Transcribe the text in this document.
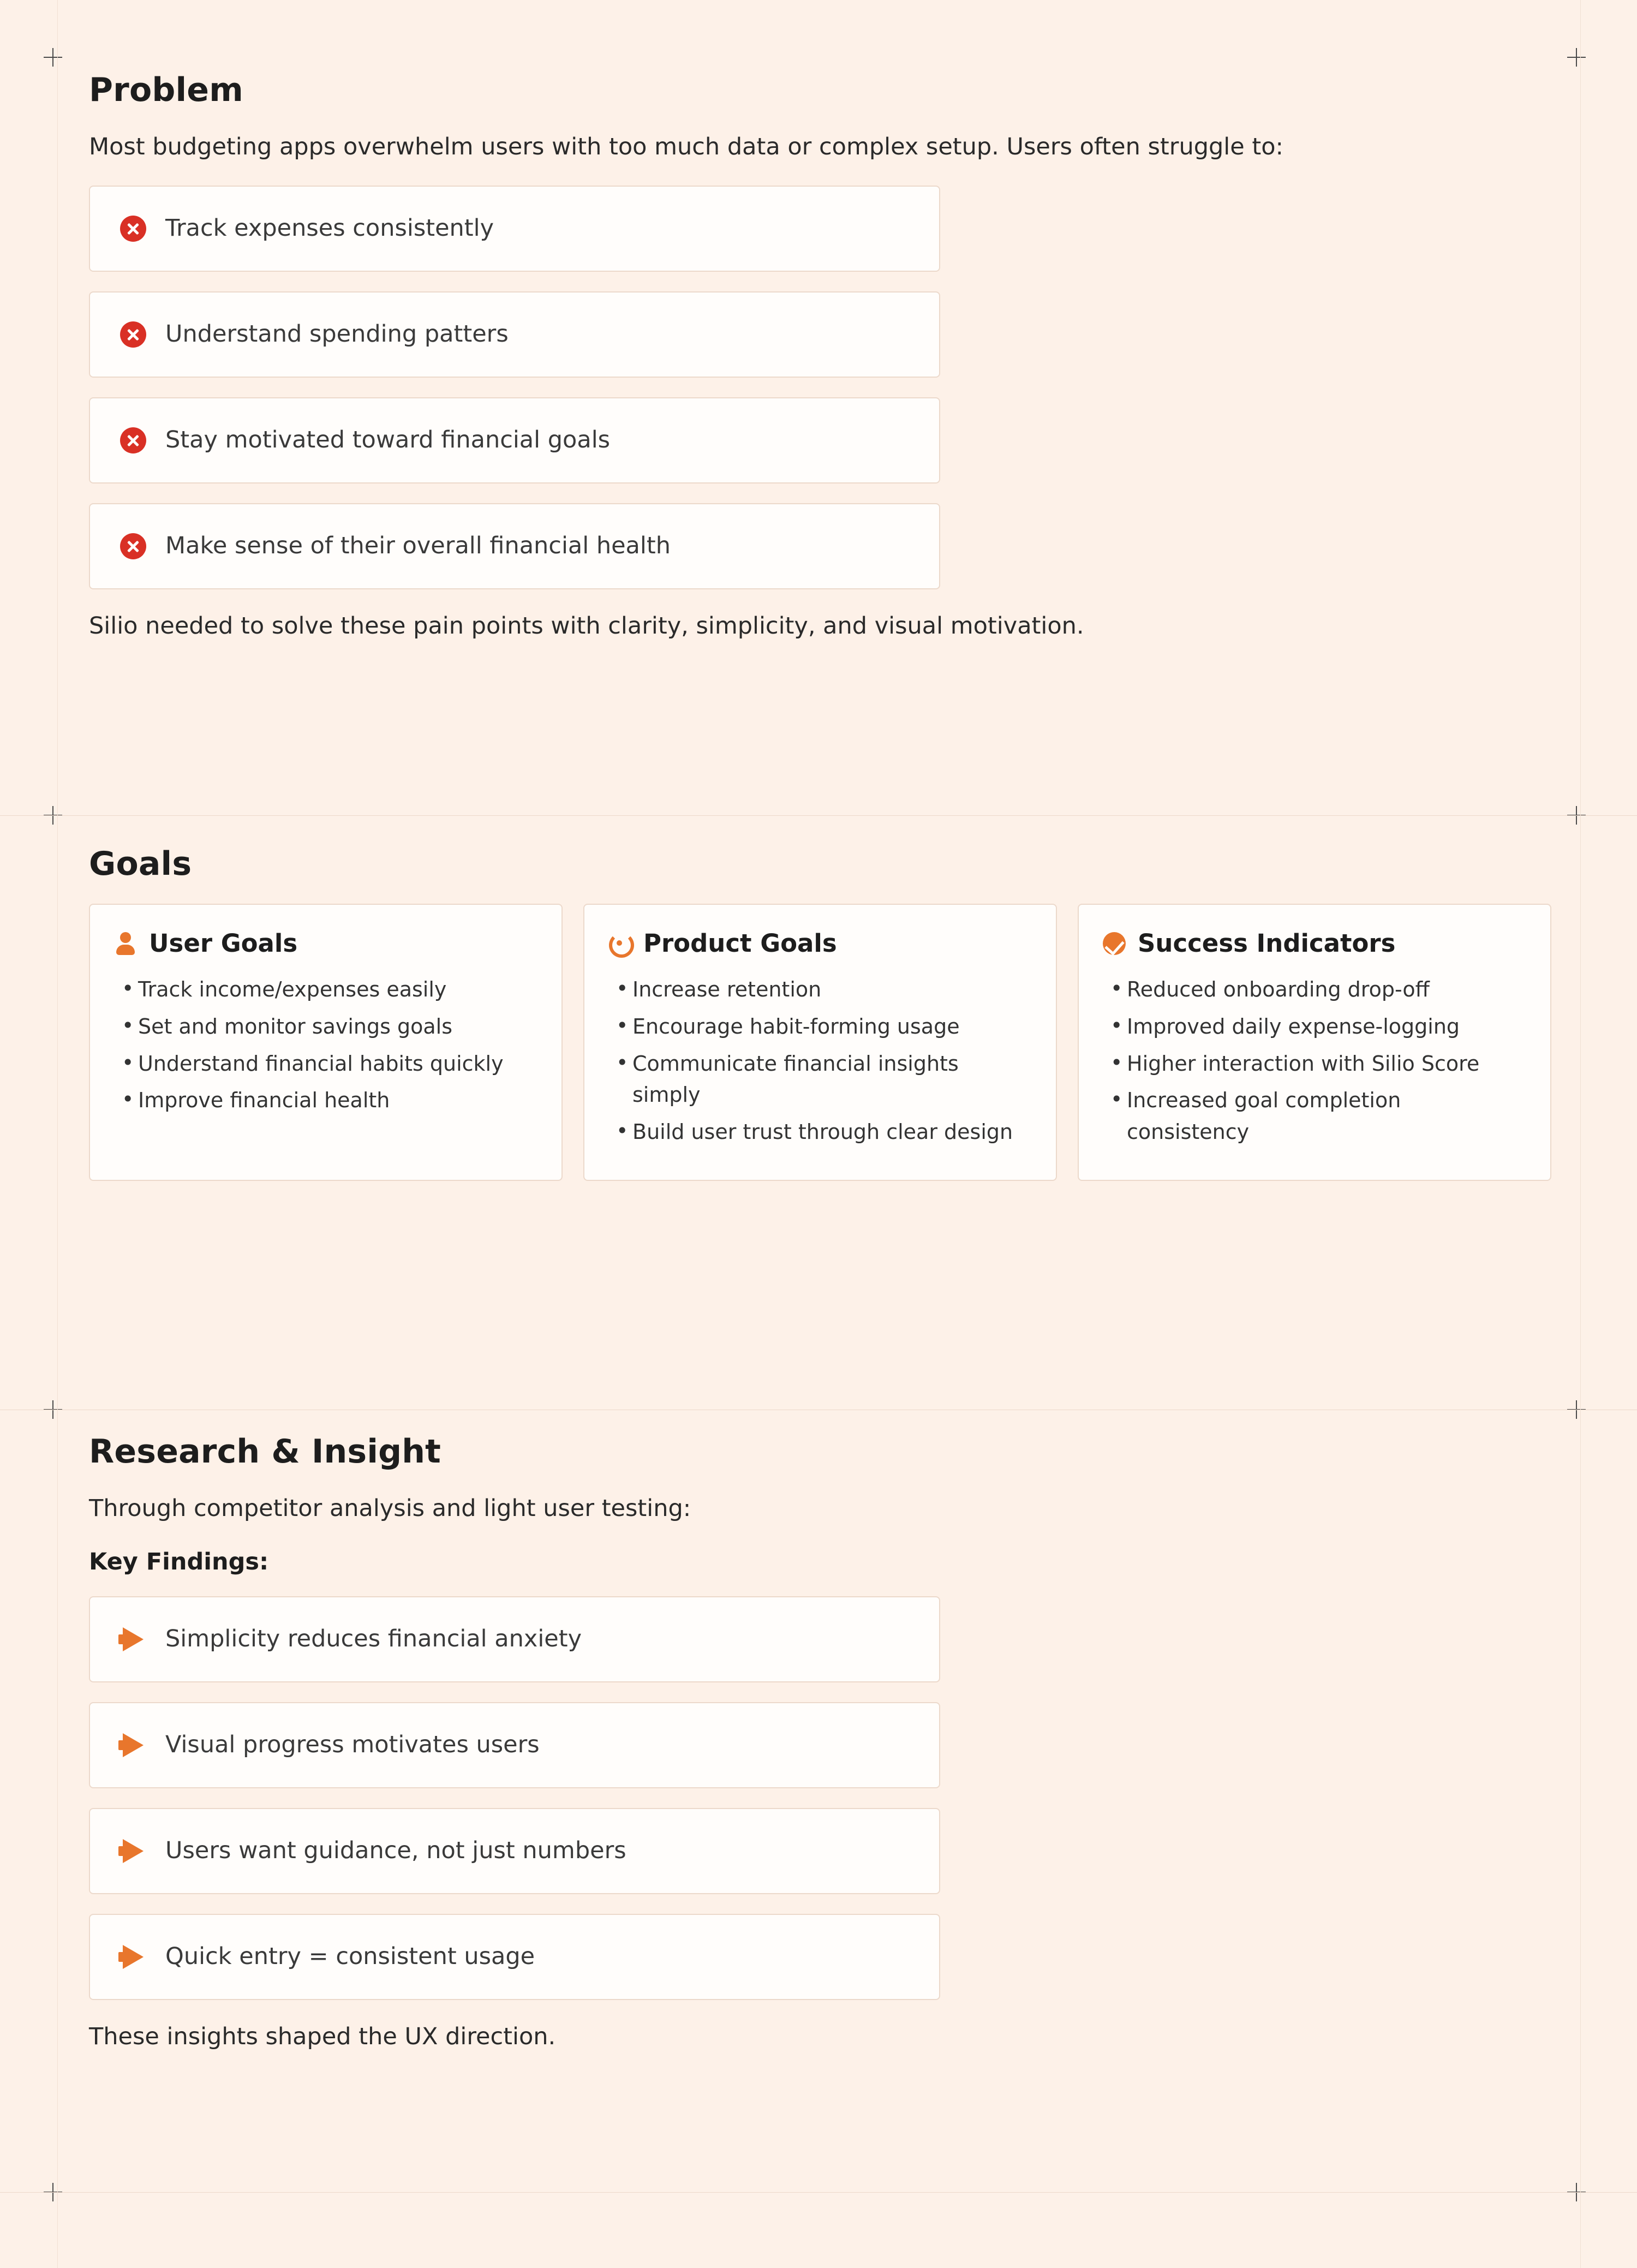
Problem

Most budgeting apps overwhelm users with too much data or complex setup. Users often struggle to:

Track expenses consistently
Understand spending patters
Stay motivated toward financial goals
Make sense of their overall financial health

Silio needed to solve these pain points with clarity, simplicity, and visual motivation.

Goals
User Goals
• Track income/expenses easily
• Set and monitor savings goals
• Understand financial habits quickly
• Improve financial health
Product Goals
• Increase retention
• Encourage habit-forming usage
• Communicate financial insights simply
• Build user trust through clear design
Success Indicators
• Reduced onboarding drop-off
• Improved daily expense-logging
• Higher interaction with Silio Score
• Increased goal completion consistency
Research & Insight

Through competitor analysis and light user testing:

Key Findings:

Simplicity reduces financial anxiety
Visual progress motivates users
Users want guidance, not just numbers
Quick entry = consistent usage

These insights shaped the UX direction.
